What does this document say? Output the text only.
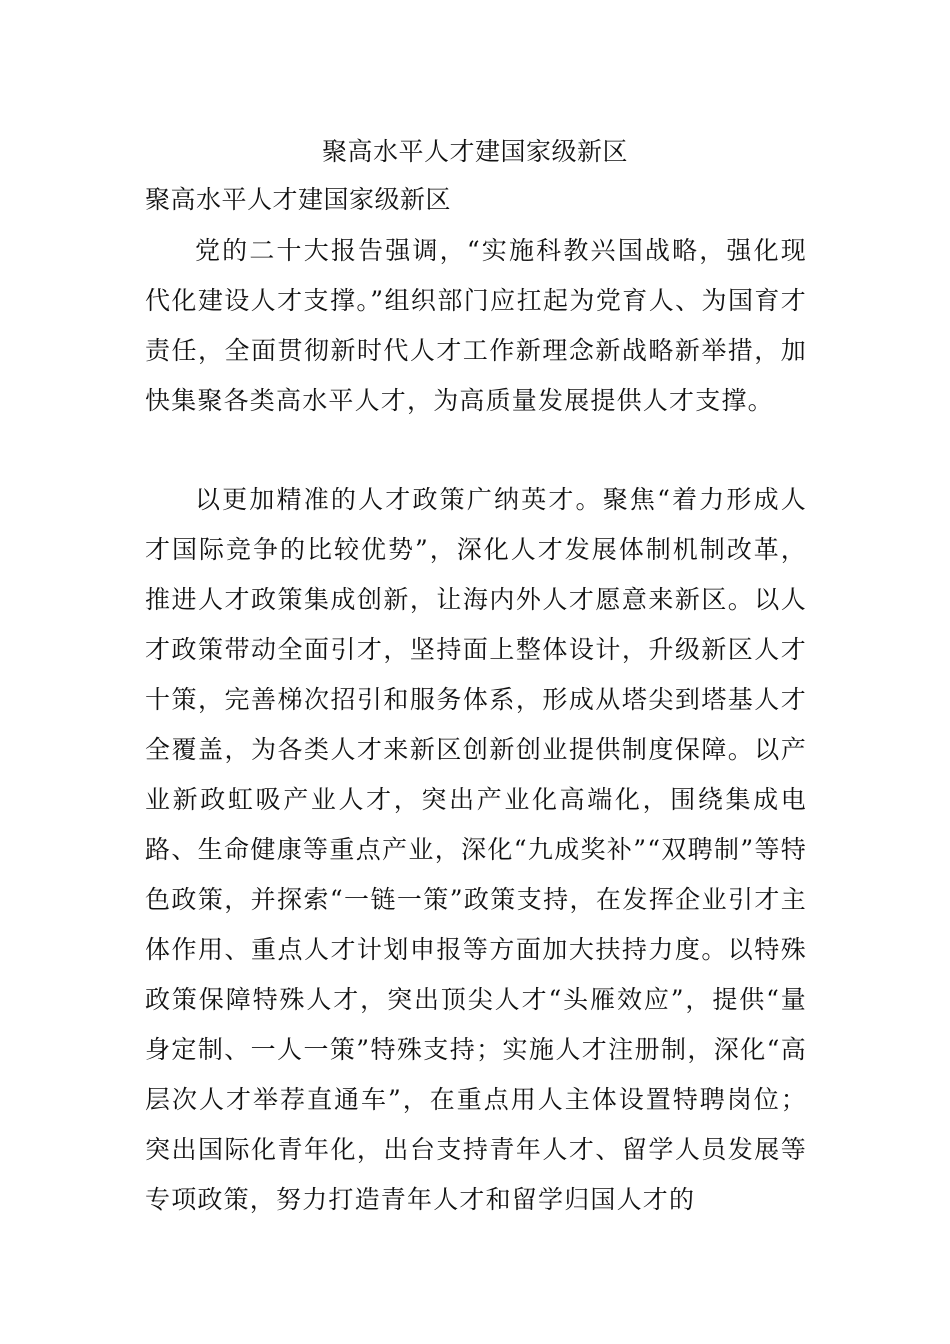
聚高水平人才建国家级新区
聚高水平人才建国家级新区

党的二十大报告强调，“实施科教兴国战略，强化现代化建设人才支撑。”组织部门应扛起为党育人、为国育才责任，全面贯彻新时代人才工作新理念新战略新举措，加快集聚各类高水平人才，为高质量发展提供人才支撑。

以更加精准的人才政策广纳英才。聚焦“着力形成人才国际竞争的比较优势”，深化人才发展体制机制改革，推进人才政策集成创新，让海内外人才愿意来新区。以人才政策带动全面引才，坚持面上整体设计，升级新区人才十策，完善梯次招引和服务体系，形成从塔尖到塔基人才全覆盖，为各类人才来新区创新创业提供制度保障。以产业新政虹吸产业人才，突出产业化高端化，围绕集成电路、生命健康等重点产业，深化“九成奖补”“双聘制”等特色政策，并探索“一链一策”政策支持，在发挥企业引才主体作用、重点人才计划申报等方面加大扶持力度。以特殊政策保障特殊人才，突出顶尖人才“头雁效应”，提供“量身定制、一人一策”特殊支持；实施人才注册制，深化“高层次人才举荐直通车”，在重点用人主体设置特聘岗位；突出国际化青年化，出台支持青年人才、留学人员发展等专项政策，努力打造青年人才和留学归国人才的
